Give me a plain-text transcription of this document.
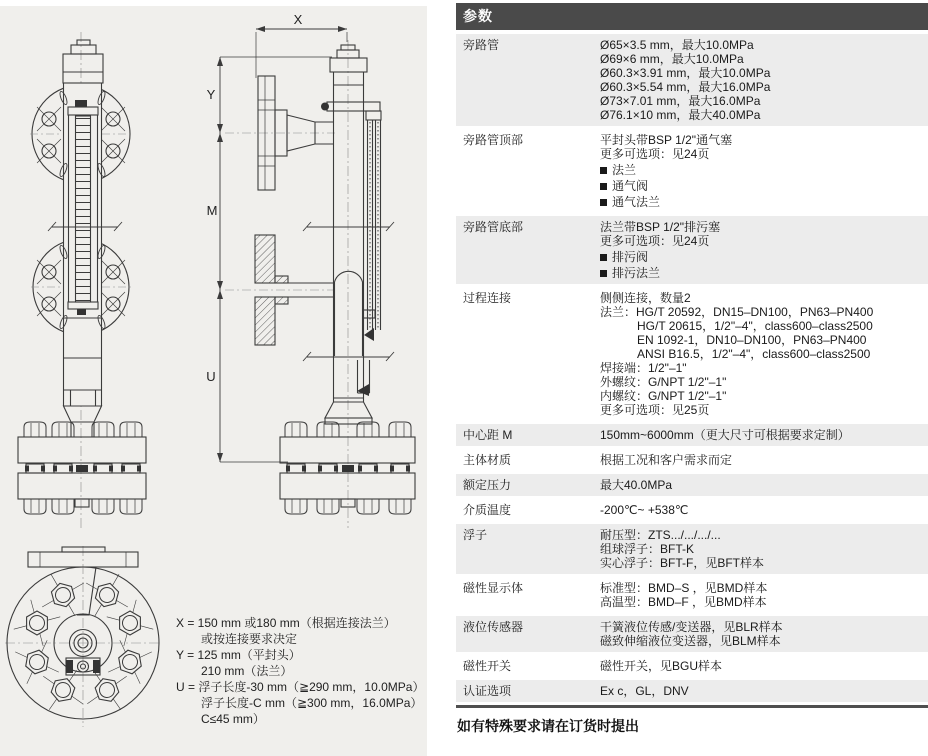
X
Y
M
U
X = 150 mm 或180 mm（根据连接法兰）
或按连接要求决定
Y = 125 mm（平封头）
210 mm（法兰）
U = 浮子长度-30 mm（≧290 mm，10.0MPa）
浮子长度-C mm（≧300 mm，16.0MPa）
C≤45 mm）
参数
旁路管	Ø65×3.5 mm，最大10.0MPa
Ø69×6 mm，最大10.0MPa
Ø60.3×3.91 mm，最大10.0MPa
Ø60.3×5.54 mm，最大16.0MPa
Ø73×7.01 mm，最大16.0MPa
Ø76.1×10 mm，最大40.0MPa
旁路管顶部	平封头带BSP 1/2"通气塞
更多可选项：见24页
法兰
通气阀
通气法兰
旁路管底部	法兰带BSP 1/2"排污塞
更多可选项：见24页
排污阀
排污法兰
过程连接	侧侧连接，数量2
法兰：HG/T 20592，DN15–DN100，PN63–PN400
HG/T 20615，1/2"–4"，class600–class2500
EN 1092-1，DN10–DN100，PN63–PN400
ANSI B16.5，1/2"–4"，class600–class2500
焊接端：1/2"–1"
外螺纹：G/NPT 1/2"–1"
内螺纹：G/NPT 1/2"–1"
更多可选项：见25页
中心距 M	150mm~6000mm（更大尺寸可根据要求定制）
主体材质	根据工况和客户需求而定
额定压力	最大40.0MPa
介质温度	-200℃~ +538℃
浮子	耐压型：ZTS.../.../.../...
组球浮子：BFT-K
实心浮子：BFT-F，见BFT样本
磁性显示体	标准型：BMD–S ，见BMD样本
高温型：BMD–F ，见BMD样本
液位传感器	干簧液位传感/变送器，见BLR样本
磁致伸缩液位变送器，见BLM样本
磁性开关	磁性开关，见BGU样本
认证选项	Ex c，GL，DNV
如有特殊要求请在订货时提出
